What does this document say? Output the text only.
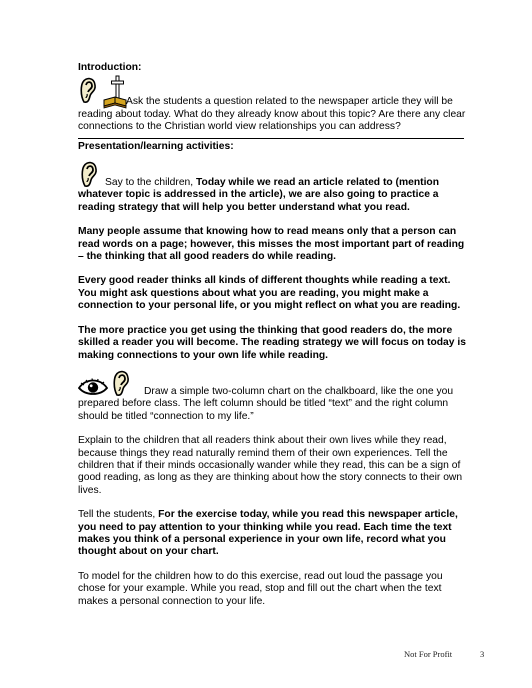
Introduction:

Ask the students a question related to the newspaper article they will be reading about today. What do they already know about this topic? Are there any clear connections to the Christian world view relationships you can address?

Presentation/learning activities:

Say to the children, Today while we read an article related to (mention whatever topic is addressed in the article), we are also going to practice a reading strategy that will help you better understand what you read.

Many people assume that knowing how to read means only that a person can read words on a page; however, this misses the most important part of reading – the thinking that all good readers do while reading.

Every good reader thinks all kinds of different thoughts while reading a text. You might ask questions about what you are reading, you might make a connection to your personal life, or you might reflect on what you are reading.

The more practice you get using the thinking that good readers do, the more skilled a reader you will become. The reading strategy we will focus on today is making connections to your own life while reading.

Draw a simple two-column chart on the chalkboard, like the one you prepared before class. The left column should be titled “text” and the right column should be titled “connection to my life.”

Explain to the children that all readers think about their own lives while they read, because things they read naturally remind them of their own experiences. Tell the children that if their minds occasionally wander while they read, this can be a sign of good reading, as long as they are thinking about how the story connects to their own lives.

Tell the students, For the exercise today, while you read this newspaper article, you need to pay attention to your thinking while you read. Each time the text makes you think of a personal experience in your own life, record what you thought about on your chart.

To model for the children how to do this exercise, read out loud the passage you chose for your example. While you read, stop and fill out the chart when the text makes a personal connection to your life.

Not For Profit	3
